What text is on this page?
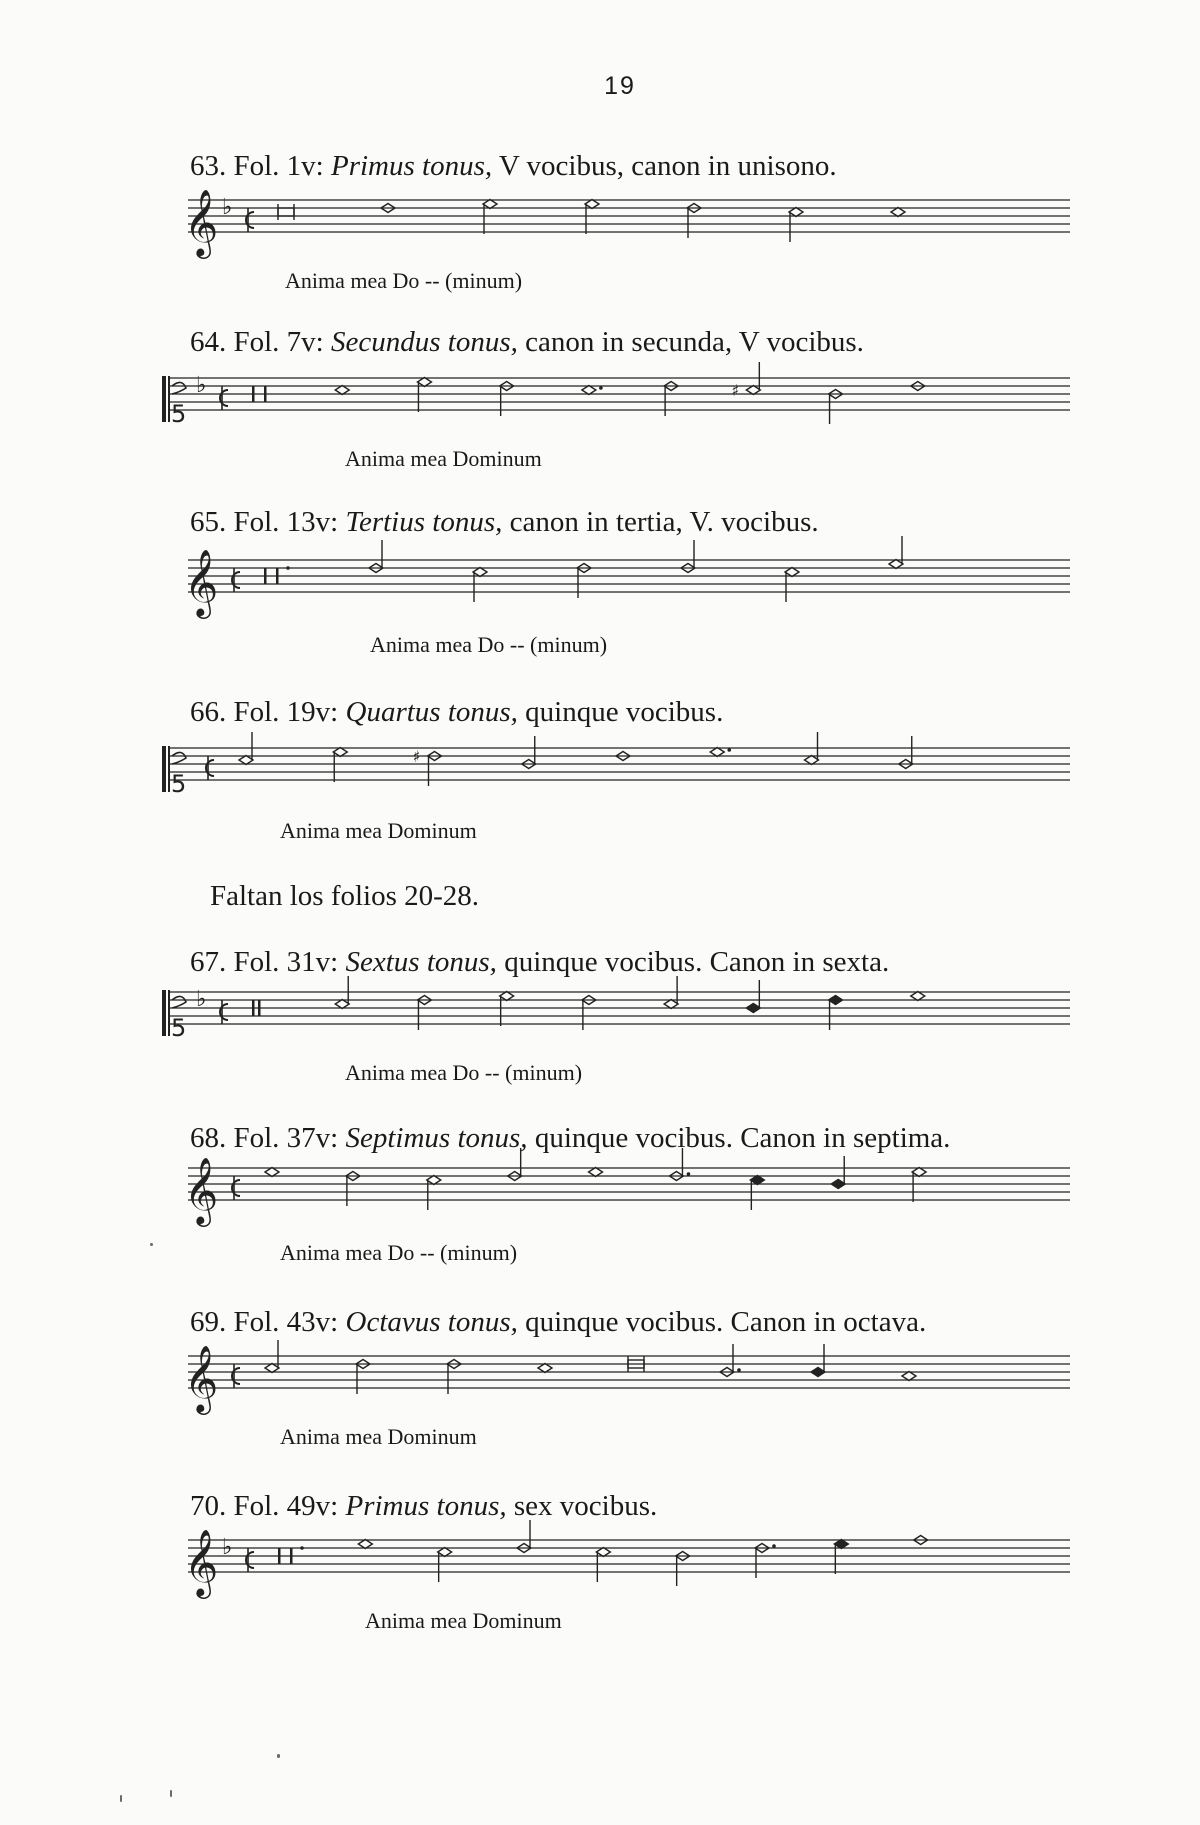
19
63. Fol. 1v: Primus tonus, V vocibus, canon in unisono.
𝄞 ♭
Anima mea Do -- (minum)
64. Fol. 7v: Secundus tonus, canon in secunda, V vocibus.
5
♭	♯
Anima mea Dominum
65. Fol. 13v: Tertius tonus, canon in tertia, V. vocibus.
𝄞
Anima mea Do -- (minum)
66. Fol. 19v: Quartus tonus, quinque vocibus.
5
♯
Anima mea Dominum
67. Fol. 31v: Sextus tonus, quinque vocibus. Canon in sexta.
5
♭
Anima mea Do -- (minum)
68. Fol. 37v: Septimus tonus, quinque vocibus. Canon in septima.
𝄞
Anima mea Do -- (minum)
69. Fol. 43v: Octavus tonus, quinque vocibus. Canon in octava.
𝄞
Anima mea Dominum
70. Fol. 49v: Primus tonus, sex vocibus.
𝄞 ♭
Anima mea Dominum
Faltan los folios 20-28.
